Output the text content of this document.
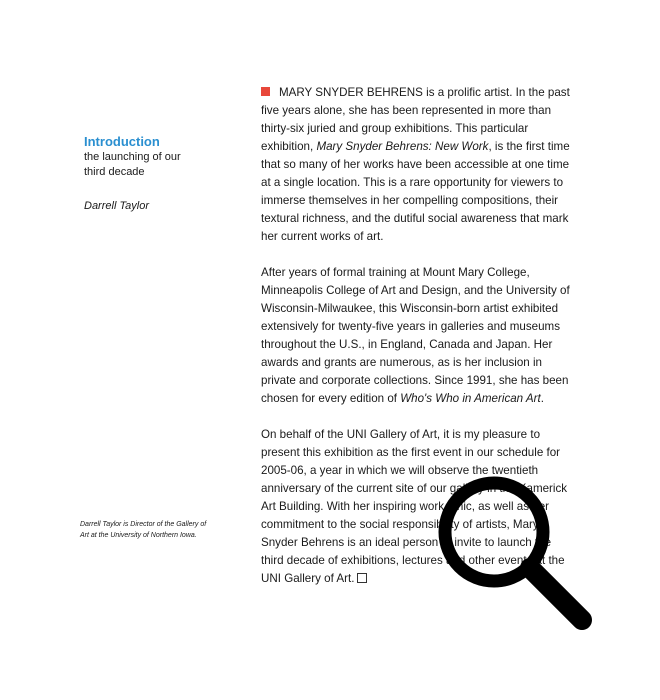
Introduction
the launching of our third decade
Darrell Taylor
Darrell Taylor is Director of the Gallery of Art at the University of Northern Iowa.

MARY SNYDER BEHRENS is a prolific artist. In the past five years alone, she has been represented in more than thirty-six juried and group exhibitions. This particular exhibition, Mary Snyder Behrens: New Work, is the first time that so many of her works have been accessible at one time at a single location. This is a rare opportunity for viewers to immerse themselves in her compelling compositions, their textural richness, and the dutiful social awareness that mark her current works of art.

After years of formal training at Mount Mary College, Minneapolis College of Art and Design, and the University of Wisconsin-Milwaukee, this Wisconsin-born artist exhibited extensively for twenty-five years in galleries and museums throughout the U.S., in England, Canada and Japan. Her awards and grants are numerous, as is her inclusion in private and corporate collections. Since 1991, she has been chosen for every edition of Who's Who in American Art.

On behalf of the UNI Gallery of Art, it is my pleasure to present this exhibition as the first event in our schedule for 2005-06, a year in which we will observe the twentieth anniversary of the current site of our gallery in the Kamerick Art Building. With her inspiring work ethic, as well as her commitment to the social responsibility of artists, Mary Snyder Behrens is an ideal person to invite to launch the third decade of exhibitions, lectures and other events at the UNI Gallery of Art.
